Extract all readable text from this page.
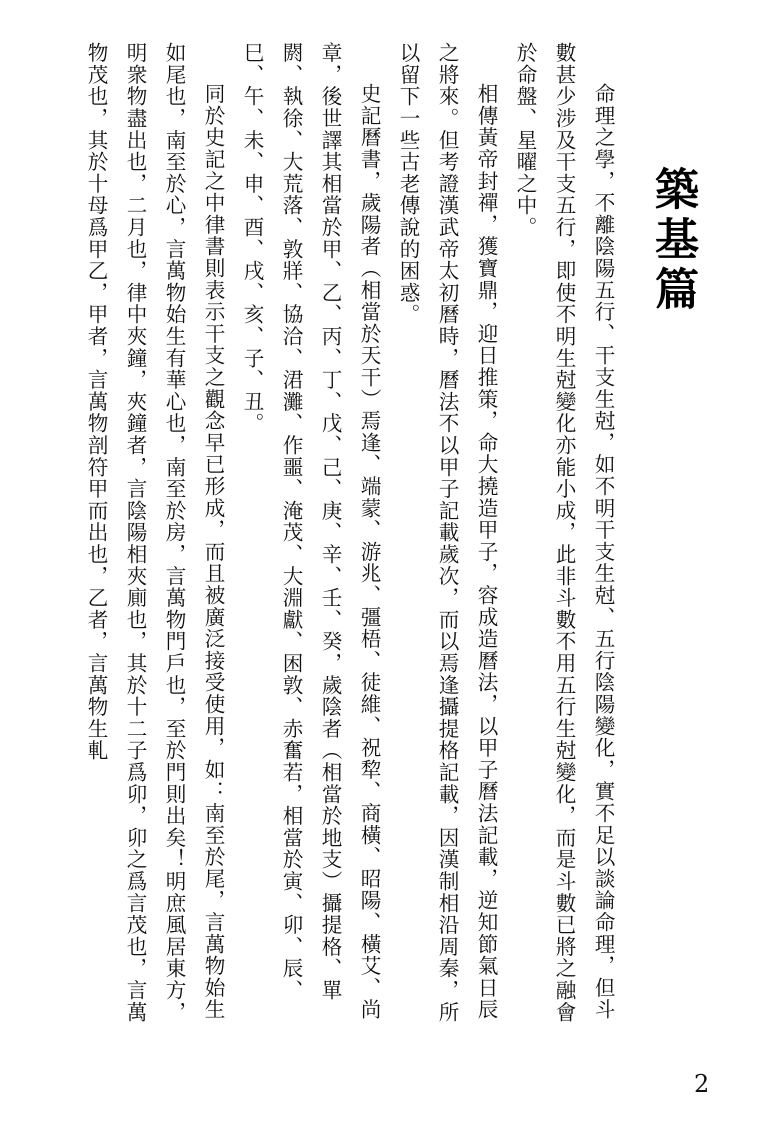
築基篇

命理之學，不離陰陽五行、干支生尅，如不明干支生尅、五行陰陽變化，實不足以談論命理，但斗數甚少涉及干支五行，即使不明生尅變化亦能小成，此非斗數不用五行生尅變化，而是斗數已將之融會於命盤、星曜之中。

相傳黃帝封禪，獲寶鼎，迎日推策，命大撓造甲子，容成造曆法，以甲子曆法記載，逆知節氣日辰之將來。但考證漢武帝太初曆時，曆法不以甲子記載歲次，而以焉逢攝提格記載，因漢制相沿周秦，所以留下一些古老傳說的困惑。

史記曆書，歲陽者（相當於天干）焉逢、端蒙、游兆、彊梧、徒維、祝犂、商橫、昭陽、橫艾、尚章，後世譯其相當於甲、乙、丙、丁、戊、己、庚、辛、壬、癸，歲陰者（相當於地支）攝提格、單閼、執徐、大荒落、敦牂、協洽、涒灘、作噩、淹茂、大淵獻、困敦、赤奮若，相當於寅、卯、辰、巳、午、未、申、酉、戌、亥、子、丑。

同於史記之中律書則表示干支之觀念早已形成，而且被廣泛接受使用，如：南至於尾，言萬物始生如尾也，南至於心，言萬物始生有華心也，南至於房，言萬物門戶也，至於門則出矣！明庶風居東方，明衆物盡出也，二月也，律中夾鐘，夾鐘者，言陰陽相夾廁也，其於十二子爲卯，卯之爲言茂也，言萬物茂也，其於十母爲甲乙，甲者，言萬物剖符甲而出也，乙者，言萬物生軋

2
